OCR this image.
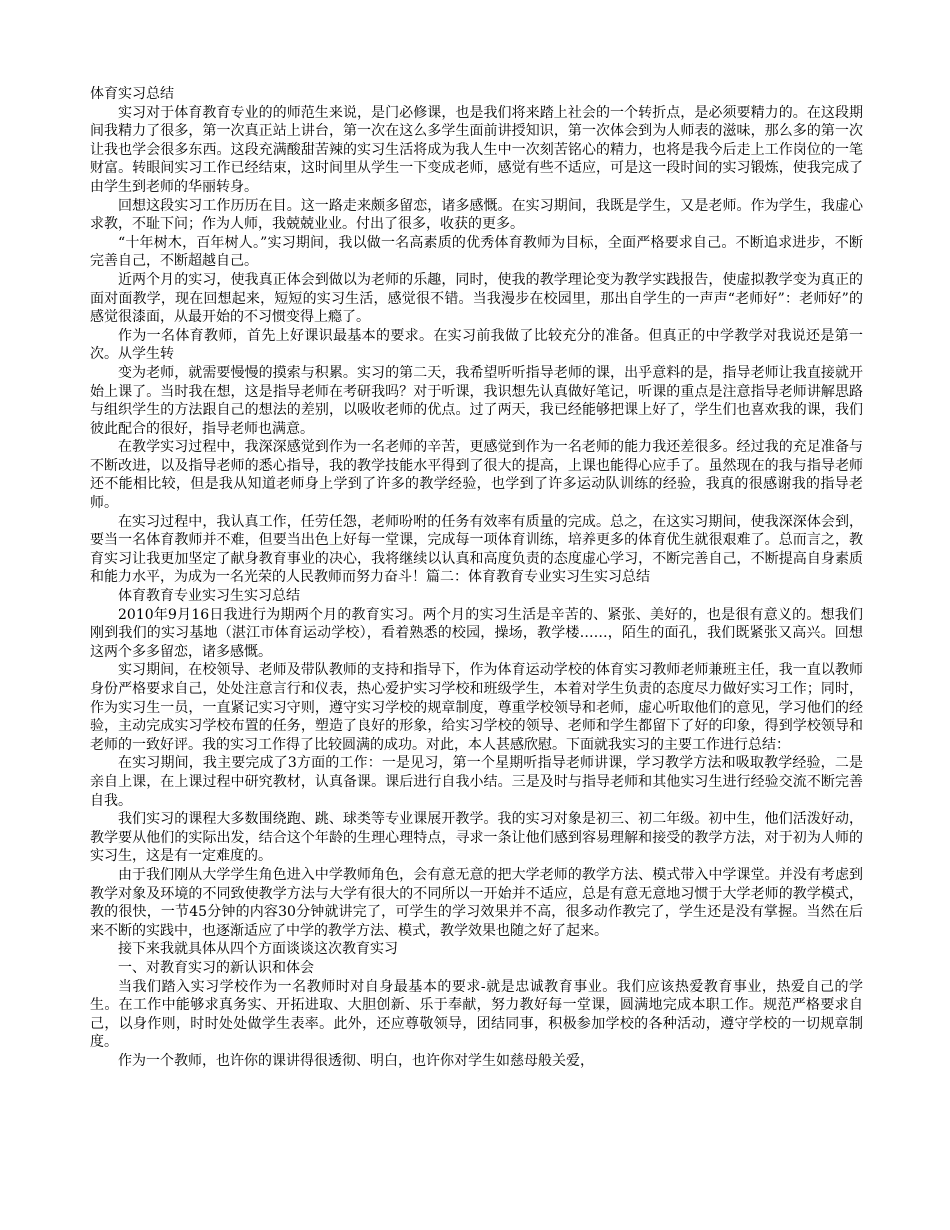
体育实习总结

实习对于体育教育专业的的师范生来说，是门必修课，也是我们将来踏上社会的一个转折点，是必须要精力的。在这段期间我精力了很多，第一次真正站上讲台，第一次在这么多学生面前讲授知识，第一次体会到为人师表的滋味，那么多的第一次让我也学会很多东西。这段充满酸甜苦辣的实习生活将成为我人生中一次刻苦铭心的精力，也将是我今后走上工作岗位的一笔财富。转眼间实习工作已经结束，这时间里从学生一下变成老师，感觉有些不适应，可是这一段时间的实习锻炼，使我完成了由学生到老师的华丽转身。

回想这段实习工作历历在目。这一路走来颇多留恋，诸多感慨。在实习期间，我既是学生，又是老师。作为学生，我虚心求教，不耻下问；作为人师，我兢兢业业。付出了很多，收获的更多。

“十年树木，百年树人。”实习期间，我以做一名高素质的优秀体育教师为目标，全面严格要求自己。不断追求进步，不断完善自己，不断超越自己。

近两个月的实习，使我真正体会到做以为老师的乐趣，同时，使我的教学理论变为教学实践报告，使虚拟教学变为真正的面对面教学，现在回想起来，短短的实习生活，感觉很不错。当我漫步在校园里，那出自学生的一声声“老师好”：老师好”的感觉很漆面，从最开始的不习惯变得上瘾了。

作为一名体育教师，首先上好课识最基本的要求。在实习前我做了比较充分的准备。但真正的中学教学对我说还是第一次。从学生转

变为老师，就需要慢慢的摸索与积累。实习的第二天，我希望听听指导老师的课，出乎意料的是，指导老师让我直接就开始上课了。当时我在想，这是指导老师在考研我吗？对于听课，我识想先认真做好笔记，听课的重点是注意指导老师讲解思路与组织学生的方法跟自己的想法的差别，以吸收老师的优点。过了两天，我已经能够把课上好了，学生们也喜欢我的课，我们彼此配合的很好，指导老师也满意。

在教学实习过程中，我深深感觉到作为一名老师的辛苦，更感觉到作为一名老师的能力我还差很多。经过我的充足准备与不断改进，以及指导老师的悉心指导，我的教学技能水平得到了很大的提高，上课也能得心应手了。虽然现在的我与指导老师还不能相比较，但是我从知道老师身上学到了许多的教学经验，也学到了许多运动队训练的经验，我真的很感谢我的指导老师。

在实习过程中，我认真工作，任劳任怨，老师吩咐的任务有效率有质量的完成。总之，在这实习期间，使我深深体会到，要当一名体育教师并不难，但要当出色上好每一堂课，完成每一项体育训练，培养更多的体育优生就很艰难了。总而言之，教育实习让我更加坚定了献身教育事业的决心，我将继续以认真和高度负责的态度虚心学习，不断完善自己，不断提高自身素质和能力水平，为成为一名光荣的人民教师而努力奋斗！篇二：体育教育专业实习生实习总结

体育教育专业实习生实习总结

2010年9月16日我进行为期两个月的教育实习。两个月的实习生活是辛苦的、紧张、美好的，也是很有意义的。想我们刚到我们的实习基地（湛江市体育运动学校），看着熟悉的校园，操场，教学楼……，陌生的面孔，我们既紧张又高兴。回想这两个多多留恋，诸多感慨。

实习期间，在校领导、老师及带队教师的支持和指导下，作为体育运动学校的体育实习教师老师兼班主任，我一直以教师身份严格要求自己，处处注意言行和仪表，热心爱护实习学校和班级学生，本着对学生负责的态度尽力做好实习工作；同时，作为实习生一员，一直紧记实习守则，遵守实习学校的规章制度，尊重学校领导和老师，虚心听取他们的意见，学习他们的经验，主动完成实习学校布置的任务，塑造了良好的形象，给实习学校的领导、老师和学生都留下了好的印象，得到学校领导和老师的一致好评。我的实习工作得了比较圆满的成功。对此，本人甚感欣慰。下面就我实习的主要工作进行总结：

在实习期间，我主要完成了3方面的工作：一是见习，第一个星期听指导老师讲课，学习教学方法和吸取教学经验，二是亲自上课，在上课过程中研究教材，认真备课。课后进行自我小结。三是及时与指导老师和其他实习生进行经验交流不断完善自我。

我们实习的课程大多数围绕跑、跳、球类等专业课展开教学。我的实习对象是初三、初二年级。初中生，他们活泼好动，教学要从他们的实际出发，结合这个年龄的生理心理特点，寻求一条让他们感到容易理解和接受的教学方法，对于初为人师的实习生，这是有一定难度的。

由于我们刚从大学学生角色进入中学教师角色，会有意无意的把大学老师的教学方法、模式带入中学课堂。并没有考虑到教学对象及环境的不同致使教学方法与大学有很大的不同所以一开始并不适应，总是有意无意地习惯于大学老师的教学模式，教的很快，一节45分钟的内容30分钟就讲完了，可学生的学习效果并不高，很多动作教完了，学生还是没有掌握。当然在后来不断的实践中，也逐渐适应了中学的教学方法、模式，教学效果也随之好了起来。

接下来我就具体从四个方面谈谈这次教育实习

一、对教育实习的新认识和体会

当我们踏入实习学校作为一名教师时对自身最基本的要求-就是忠诚教育事业。我们应该热爱教育事业，热爱自己的学生。在工作中能够求真务实、开拓进取、大胆创新、乐于奉献，努力教好每一堂课，圆满地完成本职工作。规范严格要求自己，以身作则，时时处处做学生表率。此外，还应尊敬领导，团结同事，积极参加学校的各种活动，遵守学校的一切规章制度。

作为一个教师，也许你的课讲得很透彻、明白，也许你对学生如慈母般关爱，
